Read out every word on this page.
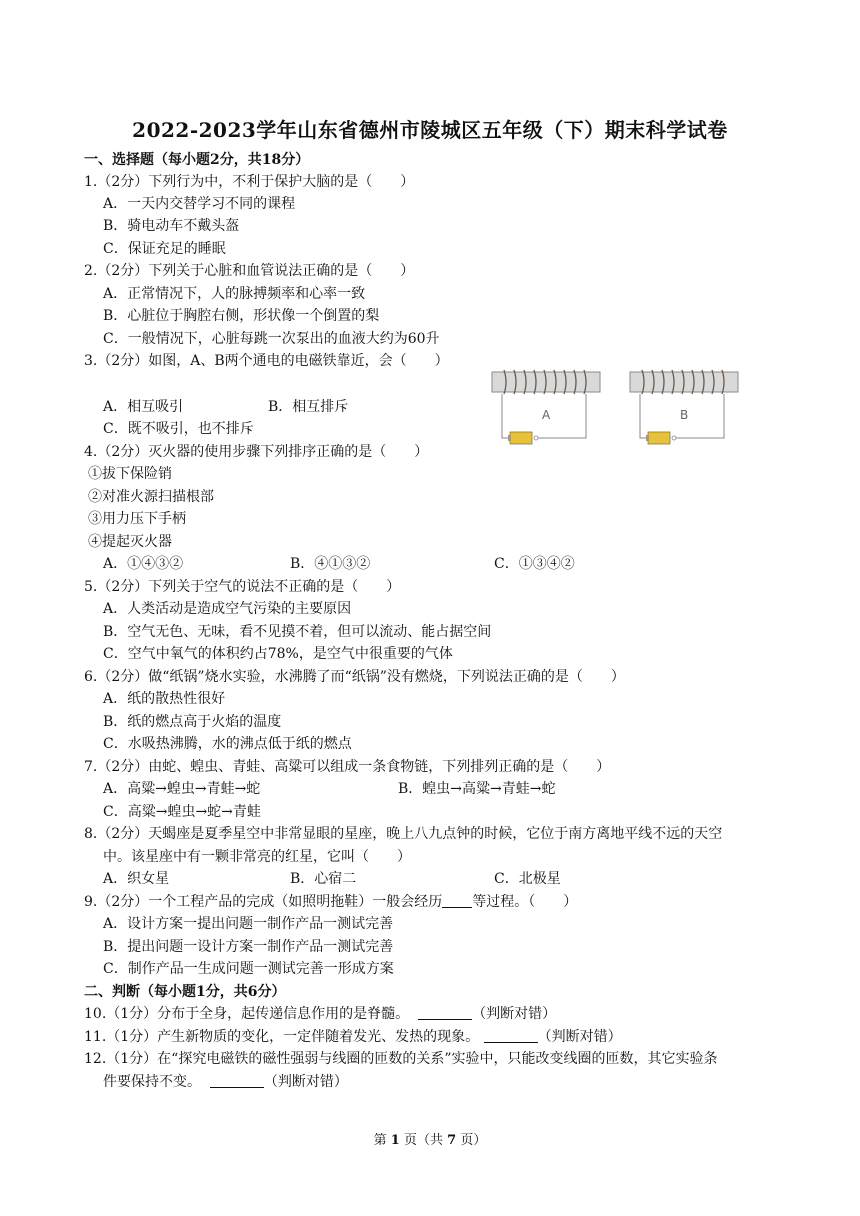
2022-2023学年山东省德州市陵城区五年级（下）期末科学试卷
一、选择题（每小题2分，共18分）
1.（2分）下列行为中，不利于保护大脑的是（　　）
A．一天内交替学习不同的课程
B．骑电动车不戴头盔
C．保证充足的睡眠
2.（2分）下列关于心脏和血管说法正确的是（　　）
A．正常情况下，人的脉搏频率和心率一致
B．心脏位于胸腔右侧，形状像一个倒置的梨
C．一般情况下，心脏每跳一次泵出的血液大约为60升
3.（2分）如图，A、B两个通电的电磁铁靠近，会（　　）
A．相互吸引	B．相互排斥
C．既不吸引，也不排斥
A	B
4.（2分）灭火器的使用步骤下列排序正确的是（　　）
①拔下保险销
②对准火源扫描根部
③用力压下手柄
④提起灭火器
A．①④③②	B．④①③②	C．①③④②
5.（2分）下列关于空气的说法不正确的是（　　）
A．人类活动是造成空气污染的主要原因
B．空气无色、无味，看不见摸不着，但可以流动、能占据空间
C．空气中氧气的体积约占78%，是空气中很重要的气体
6.（2分）做“纸锅”烧水实验，水沸腾了而“纸锅”没有燃烧，下列说法正确的是（　　）
A．纸的散热性很好
B．纸的燃点高于火焰的温度
C．水吸热沸腾，水的沸点低于纸的燃点
7.（2分）由蛇、蝗虫、青蛙、高粱可以组成一条食物链，下列排列正确的是（　　）
A．高粱→蝗虫→青蛙→蛇	B．蝗虫→高粱→青蛙→蛇
C．高粱→蝗虫→蛇→青蛙
8.（2分）天蝎座是夏季星空中非常显眼的星座，晚上八九点钟的时候，它位于南方离地平线不远的天空
中。该星座中有一颗非常亮的红星，它叫（　　）
A．织女星	B．心宿二	C．北极星
9.（2分）一个工程产品的完成（如照明拖鞋）一般会经历 等过程。（　　）
A．设计方案一提出问题一制作产品一测试完善
B．提出问题一设计方案一制作产品一测试完善
C．制作产品一生成问题一测试完善一形成方案
二、判断（每小题1分，共6分）
10.（1分）分布于全身，起传递信息作用的是脊髓。	（判断对错）
11.（1分）产生新物质的变化，一定伴随着发光、发热的现象。	（判断对错）
12.（1分）在“探究电磁铁的磁性强弱与线圈的匝数的关系”实验中，只能改变线圈的匝数，其它实验条
件要保持不变。	（判断对错）
第 1 页（共 7 页）
